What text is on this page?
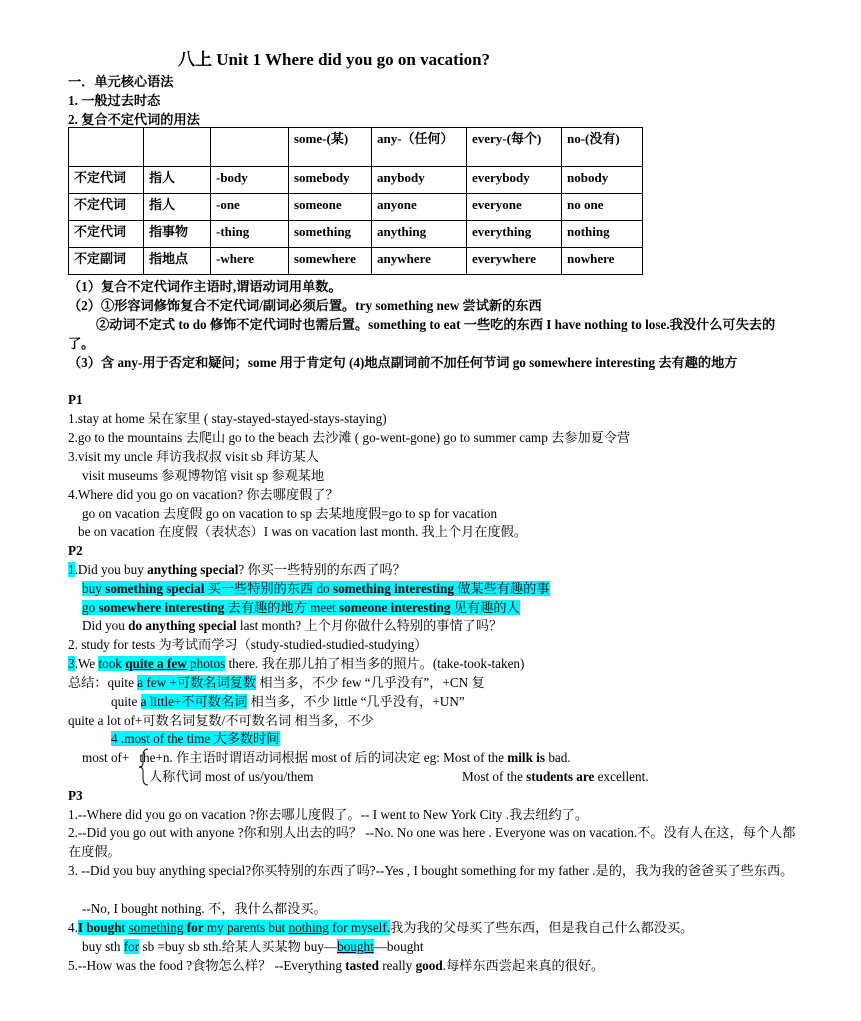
八上 Unit 1 Where did you go on vacation?
一．单元核心语法
1. 一般过去时态
2. 复合不定代词的用法
			some-(某)	any-（任何）	every-(每个)	no-(没有)
不定代词	指人	-body	somebody	anybody	everybody	nobody
不定代词	指人	-one	someone	anyone	everyone	no one
不定代词	指事物	-thing	something	anything	everything	nothing
不定副词	指地点	-where	somewhere	anywhere	everywhere	nowhere
（1）复合不定代词作主语时,谓语动词用单数。
（2）①形容词修饰复合不定代词/副词必须后置。try something new 尝试新的东西
②动词不定式 to do 修饰不定代词时也需后置。something to eat 一些吃的东西 I have nothing to lose.我没什么可失去的了。
（3）含 any-用于否定和疑问；some 用于肯定句 (4)地点副词前不加任何节词 go somewhere interesting 去有趣的地方
P1
1.stay at home 呆在家里 ( stay-stayed-stayed-stays-staying)
2.go to the mountains 去爬山 go to the beach 去沙滩 ( go-went-gone) go to summer camp 去参加夏令营
3.visit my uncle 拜访我叔叔 visit sb 拜访某人
visit museums 参观博物馆 visit sp 参观某地
4.Where did you go on vacation? 你去哪度假了？
go on vacation 去度假 go on vacation to sp 去某地度假=go to sp for vacation
be on vacation 在度假（表状态）I was on vacation last month. 我上个月在度假。
P2
1.Did you buy anything special? 你买一些特别的东西了吗？
buy something special 买一些特别的东西 do something interesting 做某些有趣的事
go somewhere interesting 去有趣的地方 meet someone interesting 见有趣的人
Did you do anything special last month? 上个月你做什么特别的事情了吗？
2. study for tests 为考试而学习（study-studied-studied-studying）
3.We took quite a few photos there. 我在那儿拍了相当多的照片。(take-took-taken)
总结：quite a few +可数名词复数 相当多，不少 few “几乎没有”，+CN 复
quite a little+不可数名词 相当多，不少 little “几乎没有，+UN”
quite a lot of+可数名词复数/不可数名词 相当多，不少
4 .most of the time 大多数时间
most of+ the+n. 作主语时谓语动词根据 most of 后的词决定 eg: Most of the milk is bad.
人称代词 most of us/you/them	Most of the students are excellent.
P3
1.--Where did you go on vacation ?你去哪儿度假了。-- I went to New York City .我去纽约了。
2.--Did you go out with anyone ?你和别人出去的吗？ --No. No one was here . Everyone was on vacation.不。没有人在这，每个人都在度假。
3. --Did you buy anything special?你买特别的东西了吗?--Yes , I bought something for my father .是的，我为我的爸爸买了些东西。
--No, I bought nothing. 不，我什么都没买。
4.I bought something for my parents but nothing for myself.我为我的父母买了些东西，但是我自己什么都没买。
buy sth for sb =buy sb sth.给某人买某物 buy—bought—bought
5.--How was the food ?食物怎么样？ --Everything tasted really good.每样东西尝起来真的很好。
